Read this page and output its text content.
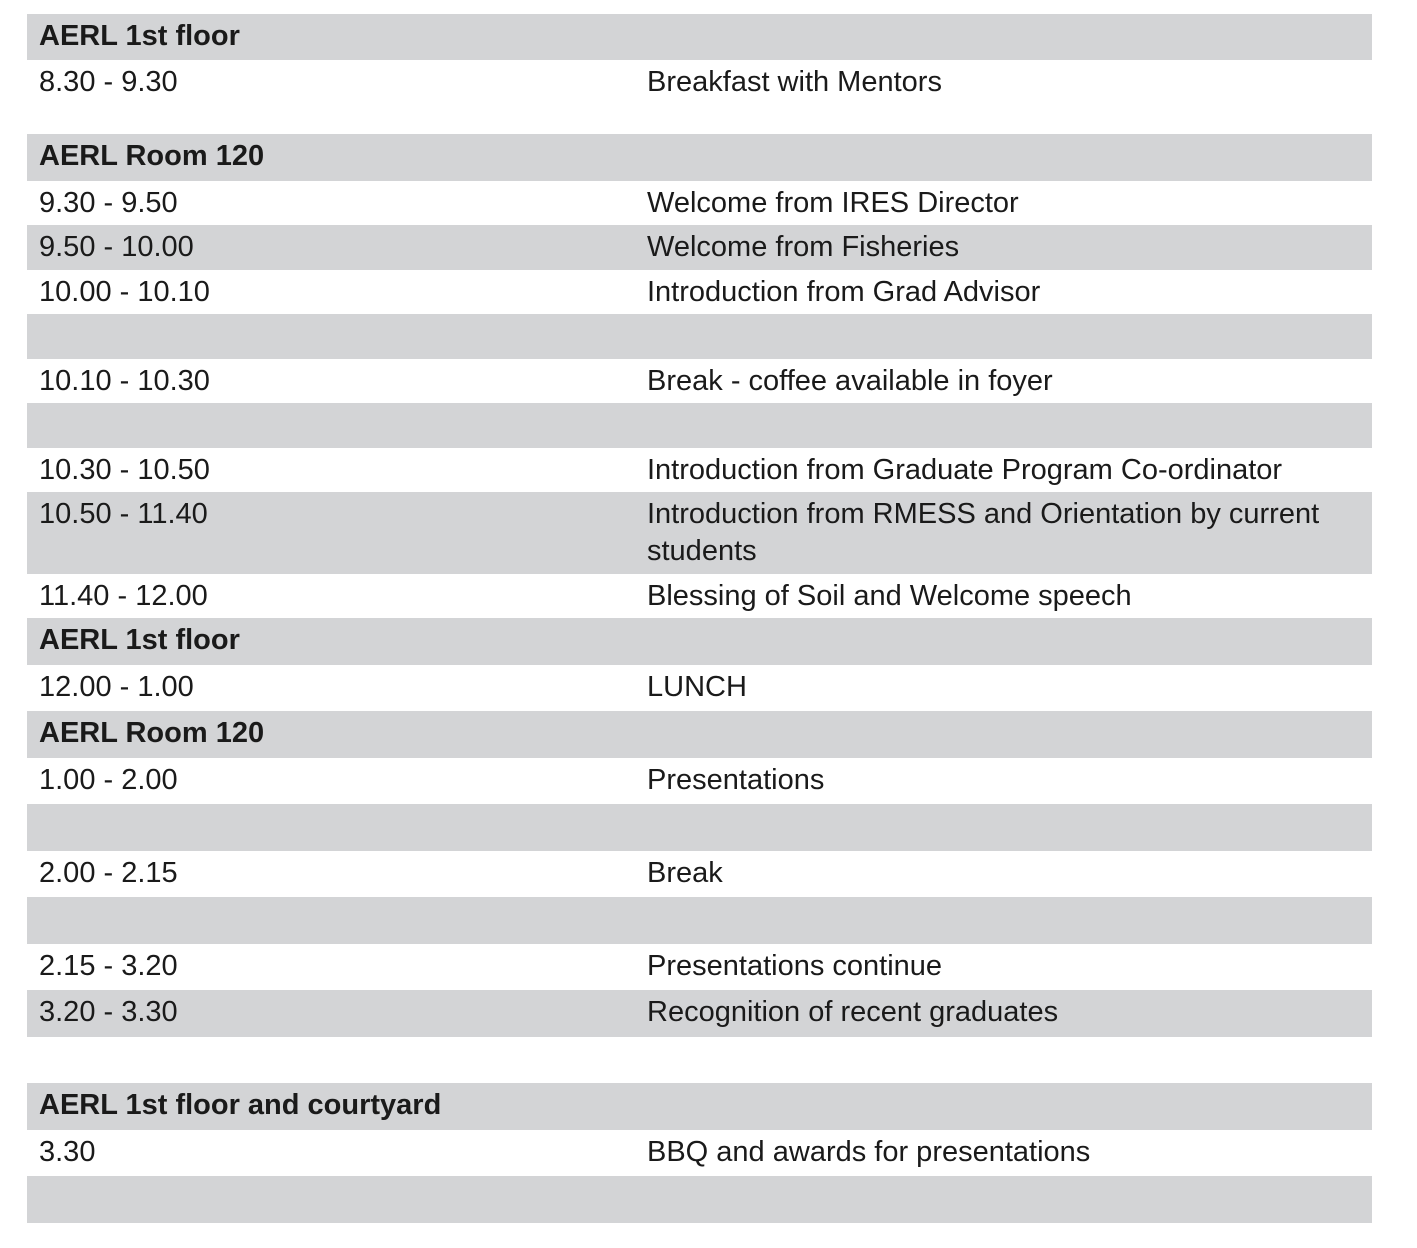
AERL 1st floor
8.30 - 9.30	Breakfast with Mentors
AERL Room 120
9.30 - 9.50	Welcome from IRES Director
9.50 - 10.00	Welcome from Fisheries
10.00 - 10.10	Introduction from Grad Advisor
10.10 - 10.30	Break - coffee available in foyer
10.30 - 10.50	Introduction from Graduate Program Co-ordinator
10.50 - 11.40	Introduction from RMESS and Orientation by current students
11.40 - 12.00	Blessing of Soil and Welcome speech
AERL 1st floor
12.00 - 1.00	LUNCH
AERL Room 120
1.00 - 2.00	Presentations
2.00 - 2.15	Break
2.15 - 3.20	Presentations continue
3.20 - 3.30	Recognition of recent graduates
AERL 1st floor and courtyard
3.30	BBQ and awards for presentations
